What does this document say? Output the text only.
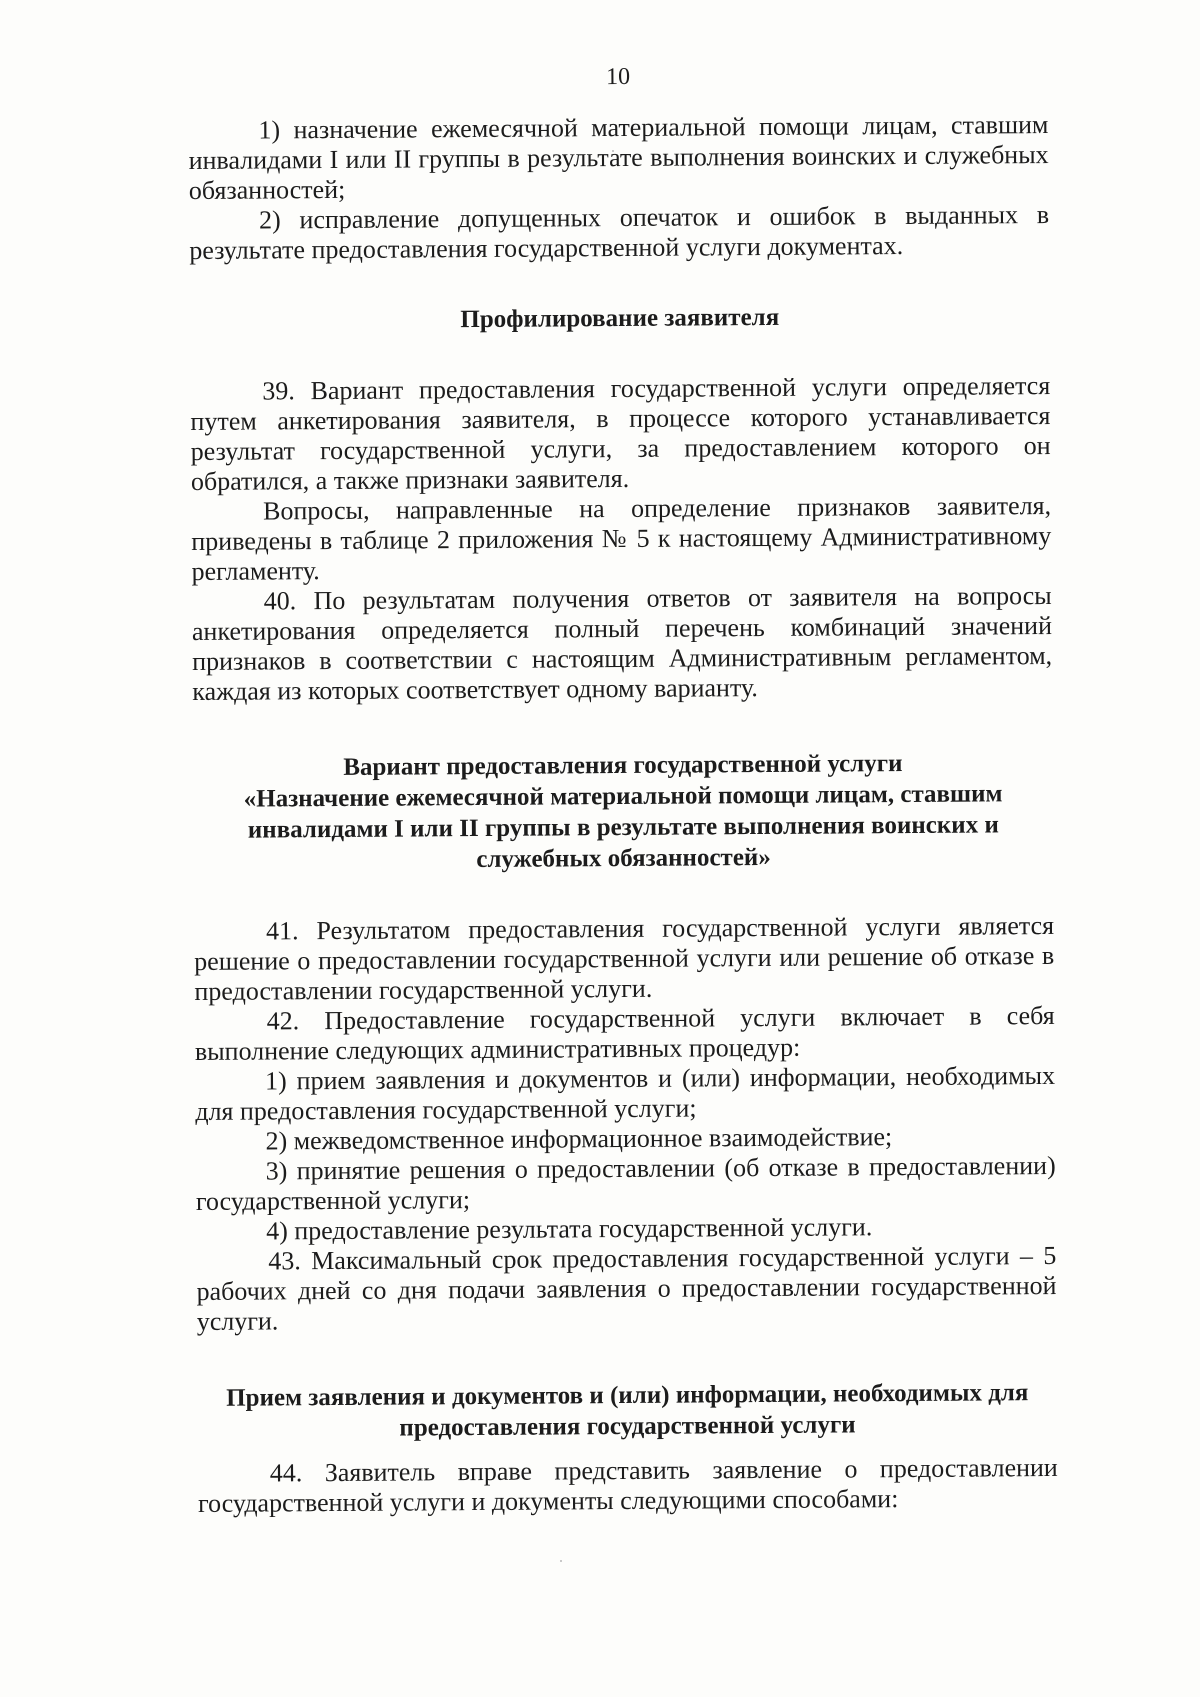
10

1) назначение ежемесячной материальной помощи лицам, ставшим инвалидами I или II группы в результате выполнения воинских и служебных обязанностей;

2) исправление допущенных опечаток и ошибок в выданных в результате предоставления государственной услуги документах.

Профилирование заявителя

39. Вариант предоставления государственной услуги определяется путем анкетирования заявителя, в процессе которого устанавливается результат государственной услуги, за предоставлением которого он обратился, а также признаки заявителя.

Вопросы, направленные на определение признаков заявителя, приведены в таблице 2 приложения № 5 к настоящему Административному регламенту.

40. По результатам получения ответов от заявителя на вопросы анкетирования определяется полный перечень комбинаций значений признаков в соответствии с настоящим Административным регламентом, каждая из которых соответствует одному варианту.

Вариант предоставления государственной услуги
«Назначение ежемесячной материальной помощи лицам, ставшим инвалидами I или II группы в результате выполнения воинских и служебных обязанностей»

41. Результатом предоставления государственной услуги является решение о предоставлении государственной услуги или решение об отказе в предоставлении государственной услуги.

42. Предоставление государственной услуги включает в себя выполнение следующих административных процедур:

1) прием заявления и документов и (или) информации, необходимых для предоставления государственной услуги;

2) межведомственное информационное взаимодействие;

3) принятие решения о предоставлении (об отказе в предоставлении) государственной услуги;

4) предоставление результата государственной услуги.

43. Максимальный срок предоставления государственной услуги – 5 рабочих дней со дня подачи заявления о предоставлении государственной услуги.

Прием заявления и документов и (или) информации, необходимых для предоставления государственной услуги

44. Заявитель вправе представить заявление о предоставлении государственной услуги и документы следующими способами:
